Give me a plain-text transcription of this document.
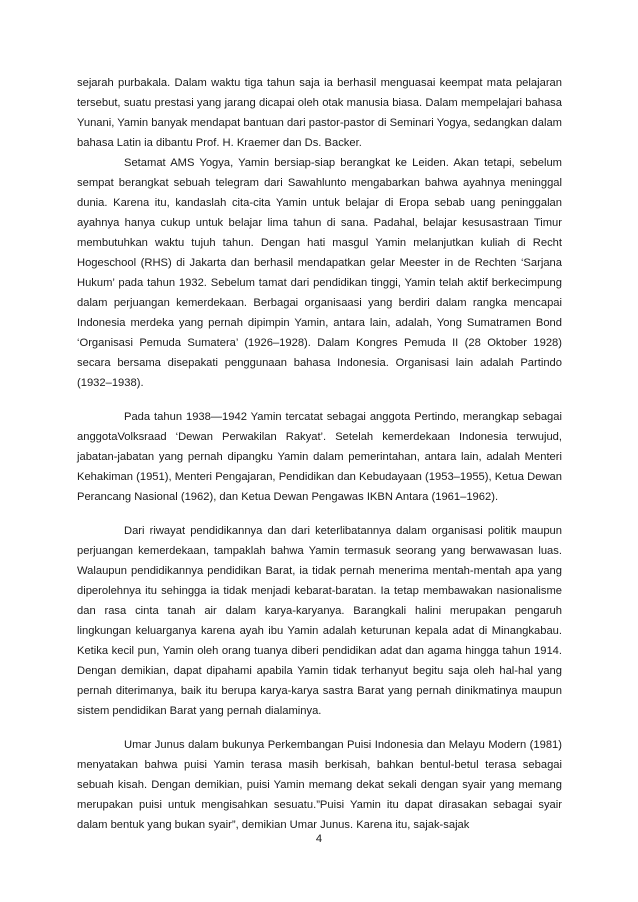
sejarah purbakala. Dalam waktu tiga tahun saja ia berhasil menguasai keempat mata pelajaran tersebut, suatu prestasi yang jarang dicapai oleh otak manusia biasa. Dalam mempelajari bahasa Yunani, Yamin banyak mendapat bantuan dari pastor-pastor di Seminari Yogya, sedangkan dalam bahasa Latin ia dibantu Prof. H. Kraemer dan Ds. Backer.

Setamat AMS Yogya, Yamin bersiap-siap berangkat ke Leiden. Akan tetapi, sebelum sempat berangkat sebuah telegram dari Sawahlunto mengabarkan bahwa ayahnya meninggal dunia. Karena itu, kandaslah cita-cita Yamin untuk belajar di Eropa sebab uang peninggalan ayahnya hanya cukup untuk belajar lima tahun di sana. Padahal, belajar kesusastraan Timur membutuhkan waktu tujuh tahun. Dengan hati masgul Yamin melanjutkan kuliah di Recht Hogeschool (RHS) di Jakarta dan berhasil mendapatkan gelar Meester in de Rechten ‘Sarjana Hukum’ pada tahun 1932. Sebelum tamat dari pendidikan tinggi, Yamin telah aktif berkecimpung dalam perjuangan kemerdekaan. Berbagai organisaasi yang berdiri dalam rangka mencapai Indonesia merdeka yang pernah dipimpin Yamin, antara lain, adalah, Yong Sumatramen Bond ‘Organisasi Pemuda Sumatera’ (1926–1928). Dalam Kongres Pemuda II (28 Oktober 1928) secara bersama disepakati penggunaan bahasa Indonesia. Organisasi lain adalah Partindo (1932–1938).

Pada tahun 1938—1942 Yamin tercatat sebagai anggota Pertindo, merangkap sebagai anggotaVolksraad ‘Dewan Perwakilan Rakyat’. Setelah kemerdekaan Indonesia terwujud, jabatan-jabatan yang pernah dipangku Yamin dalam pemerintahan, antara lain, adalah Menteri Kehakiman (1951), Menteri Pengajaran, Pendidikan dan Kebudayaan (1953–1955), Ketua Dewan Perancang Nasional (1962), dan Ketua Dewan Pengawas IKBN Antara (1961–1962).

Dari riwayat pendidikannya dan dari keterlibatannya dalam organisasi politik maupun perjuangan kemerdekaan, tampaklah bahwa Yamin termasuk seorang yang berwawasan luas. Walaupun pendidikannya pendidikan Barat, ia tidak pernah menerima mentah-mentah apa yang diperolehnya itu sehingga ia tidak menjadi kebarat-baratan. Ia tetap membawakan nasionalisme dan rasa cinta tanah air dalam karya-karyanya. Barangkali halini merupakan pengaruh lingkungan keluarganya karena ayah ibu Yamin adalah keturunan kepala adat di Minangkabau. Ketika kecil pun, Yamin oleh orang tuanya diberi pendidikan adat dan agama hingga tahun 1914. Dengan demikian, dapat dipahami apabila Yamin tidak terhanyut begitu saja oleh hal-hal yang pernah diterimanya, baik itu berupa karya-karya sastra Barat yang pernah dinikmatinya maupun sistem pendidikan Barat yang pernah dialaminya.

Umar Junus dalam bukunya Perkembangan Puisi Indonesia dan Melayu Modern (1981) menyatakan bahwa puisi Yamin terasa masih berkisah, bahkan bentul-betul terasa sebagai sebuah kisah. Dengan demikian, puisi Yamin memang dekat sekali dengan syair yang memang merupakan puisi untuk mengisahkan sesuatu.”Puisi Yamin itu dapat dirasakan sebagai syair dalam bentuk yang bukan syair”, demikian Umar Junus. Karena itu, sajak-sajak

4
